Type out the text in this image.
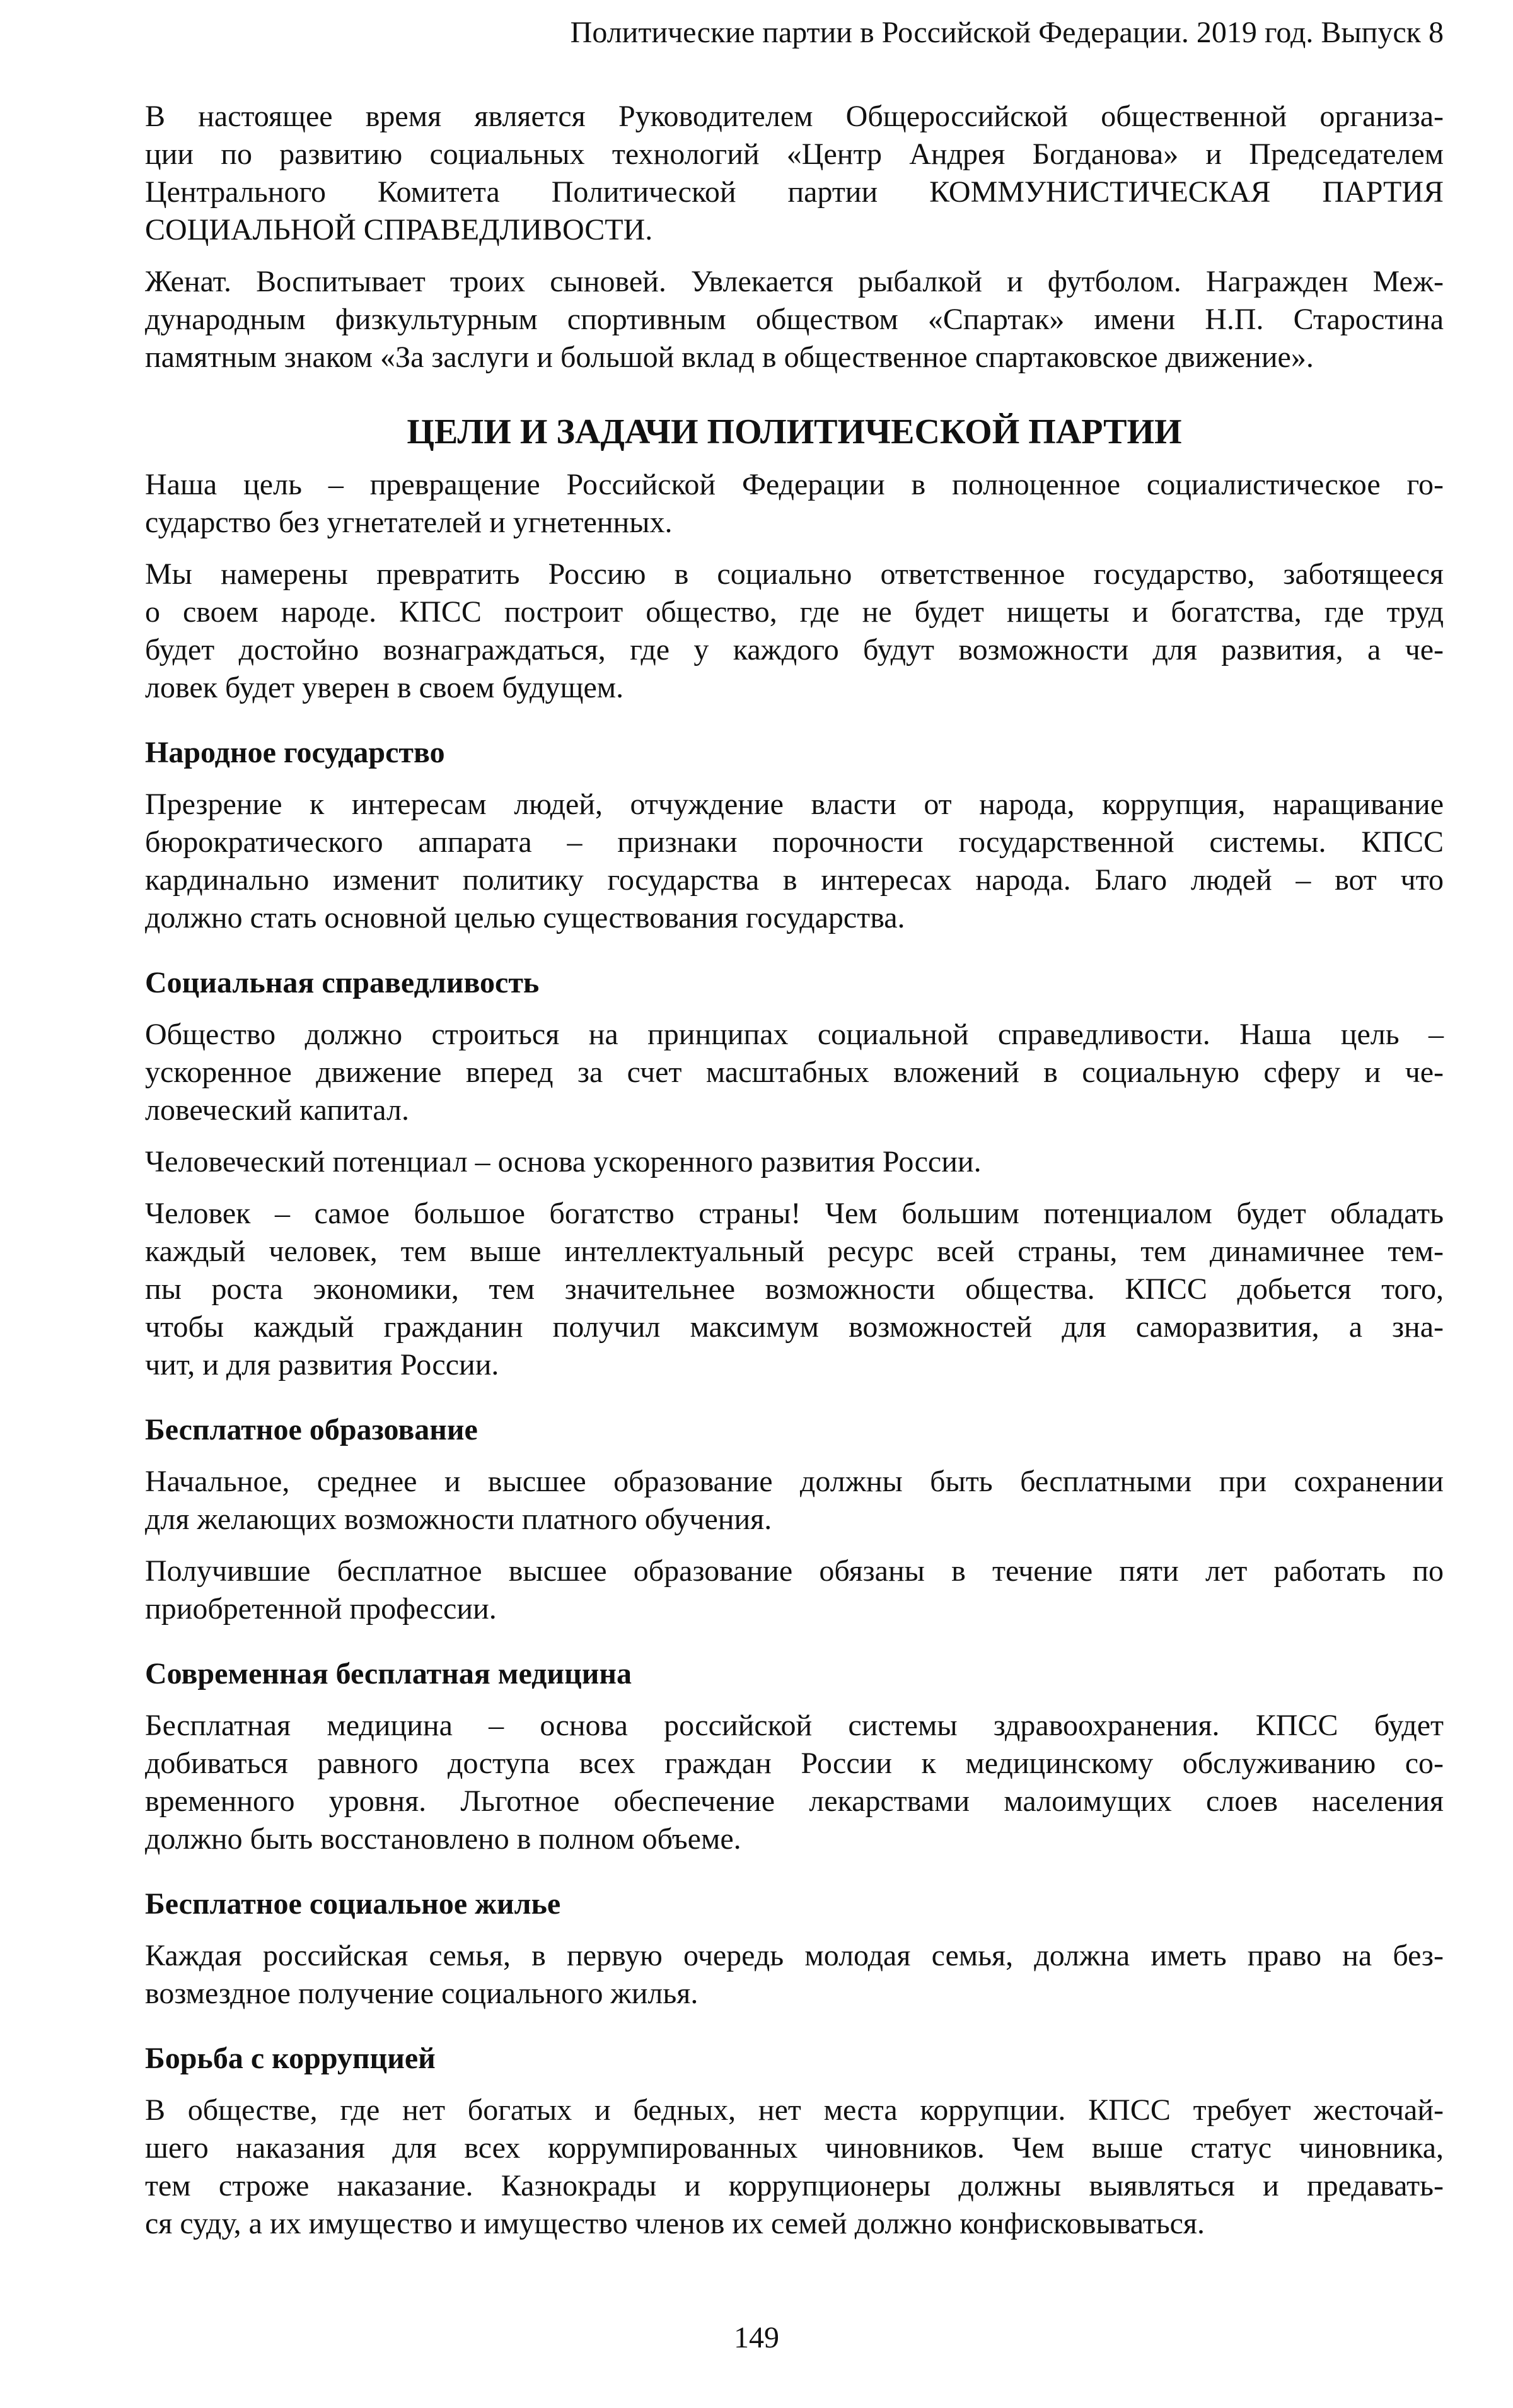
Политические партии в Российской Федерации. 2019 год. Выпуск 8
В настоящее время является Руководителем Общероссийской общественной организа-
ции по развитию социальных технологий «Центр Андрея Богданова» и Председателем
Центрального Комитета Политической партии КОММУНИСТИЧЕСКАЯ ПАРТИЯ
СОЦИАЛЬНОЙ СПРАВЕДЛИВОСТИ.
Женат. Воспитывает троих сыновей. Увлекается рыбалкой и футболом. Награжден Меж-
дународным физкультурным спортивным обществом «Спартак» имени Н.П. Старостина
памятным знаком «За заслуги и большой вклад в общественное спартаковское движение».
ЦЕЛИ И ЗАДАЧИ ПОЛИТИЧЕСКОЙ ПАРТИИ
Наша цель – превращение Российской Федерации в полноценное социалистическое го-
сударство без угнетателей и угнетенных.
Мы намерены превратить Россию в социально ответственное государство, заботящееся
о своем народе. КПСС построит общество, где не будет нищеты и богатства, где труд
будет достойно вознаграждаться, где у каждого будут возможности для развития, а че-
ловек будет уверен в своем будущем.
Народное государство
Презрение к интересам людей, отчуждение власти от народа, коррупция, наращивание
бюрократического аппарата – признаки порочности государственной системы. КПСС
кардинально изменит политику государства в интересах народа. Благо людей – вот что
должно стать основной целью существования государства.
Социальная справедливость
Общество должно строиться на принципах социальной справедливости. Наша цель –
ускоренное движение вперед за счет масштабных вложений в социальную сферу и че-
ловеческий капитал.
Человеческий потенциал – основа ускоренного развития России.
Человек – самое большое богатство страны! Чем большим потенциалом будет обладать
каждый человек, тем выше интеллектуальный ресурс всей страны, тем динамичнее тем-
пы роста экономики, тем значительнее возможности общества. КПСС добьется того,
чтобы каждый гражданин получил максимум возможностей для саморазвития, а зна-
чит, и для развития России.
Бесплатное образование
Начальное, среднее и высшее образование должны быть бесплатными при сохранении
для желающих возможности платного обучения.
Получившие бесплатное высшее образование обязаны в течение пяти лет работать по
приобретенной профессии.
Современная бесплатная медицина
Бесплатная медицина – основа российской системы здравоохранения. КПСС будет
добиваться равного доступа всех граждан России к медицинскому обслуживанию со-
временного уровня. Льготное обеспечение лекарствами малоимущих слоев населения
должно быть восстановлено в полном объеме.
Бесплатное социальное жилье
Каждая российская семья, в первую очередь молодая семья, должна иметь право на без-
возмездное получение социального жилья.
Борьба с коррупцией
В обществе, где нет богатых и бедных, нет места коррупции. КПСС требует жесточай-
шего наказания для всех коррумпированных чиновников. Чем выше статус чиновника,
тем строже наказание. Казнокрады и коррупционеры должны выявляться и предавать-
ся суду, а их имущество и имущество членов их семей должно конфисковываться.
149
